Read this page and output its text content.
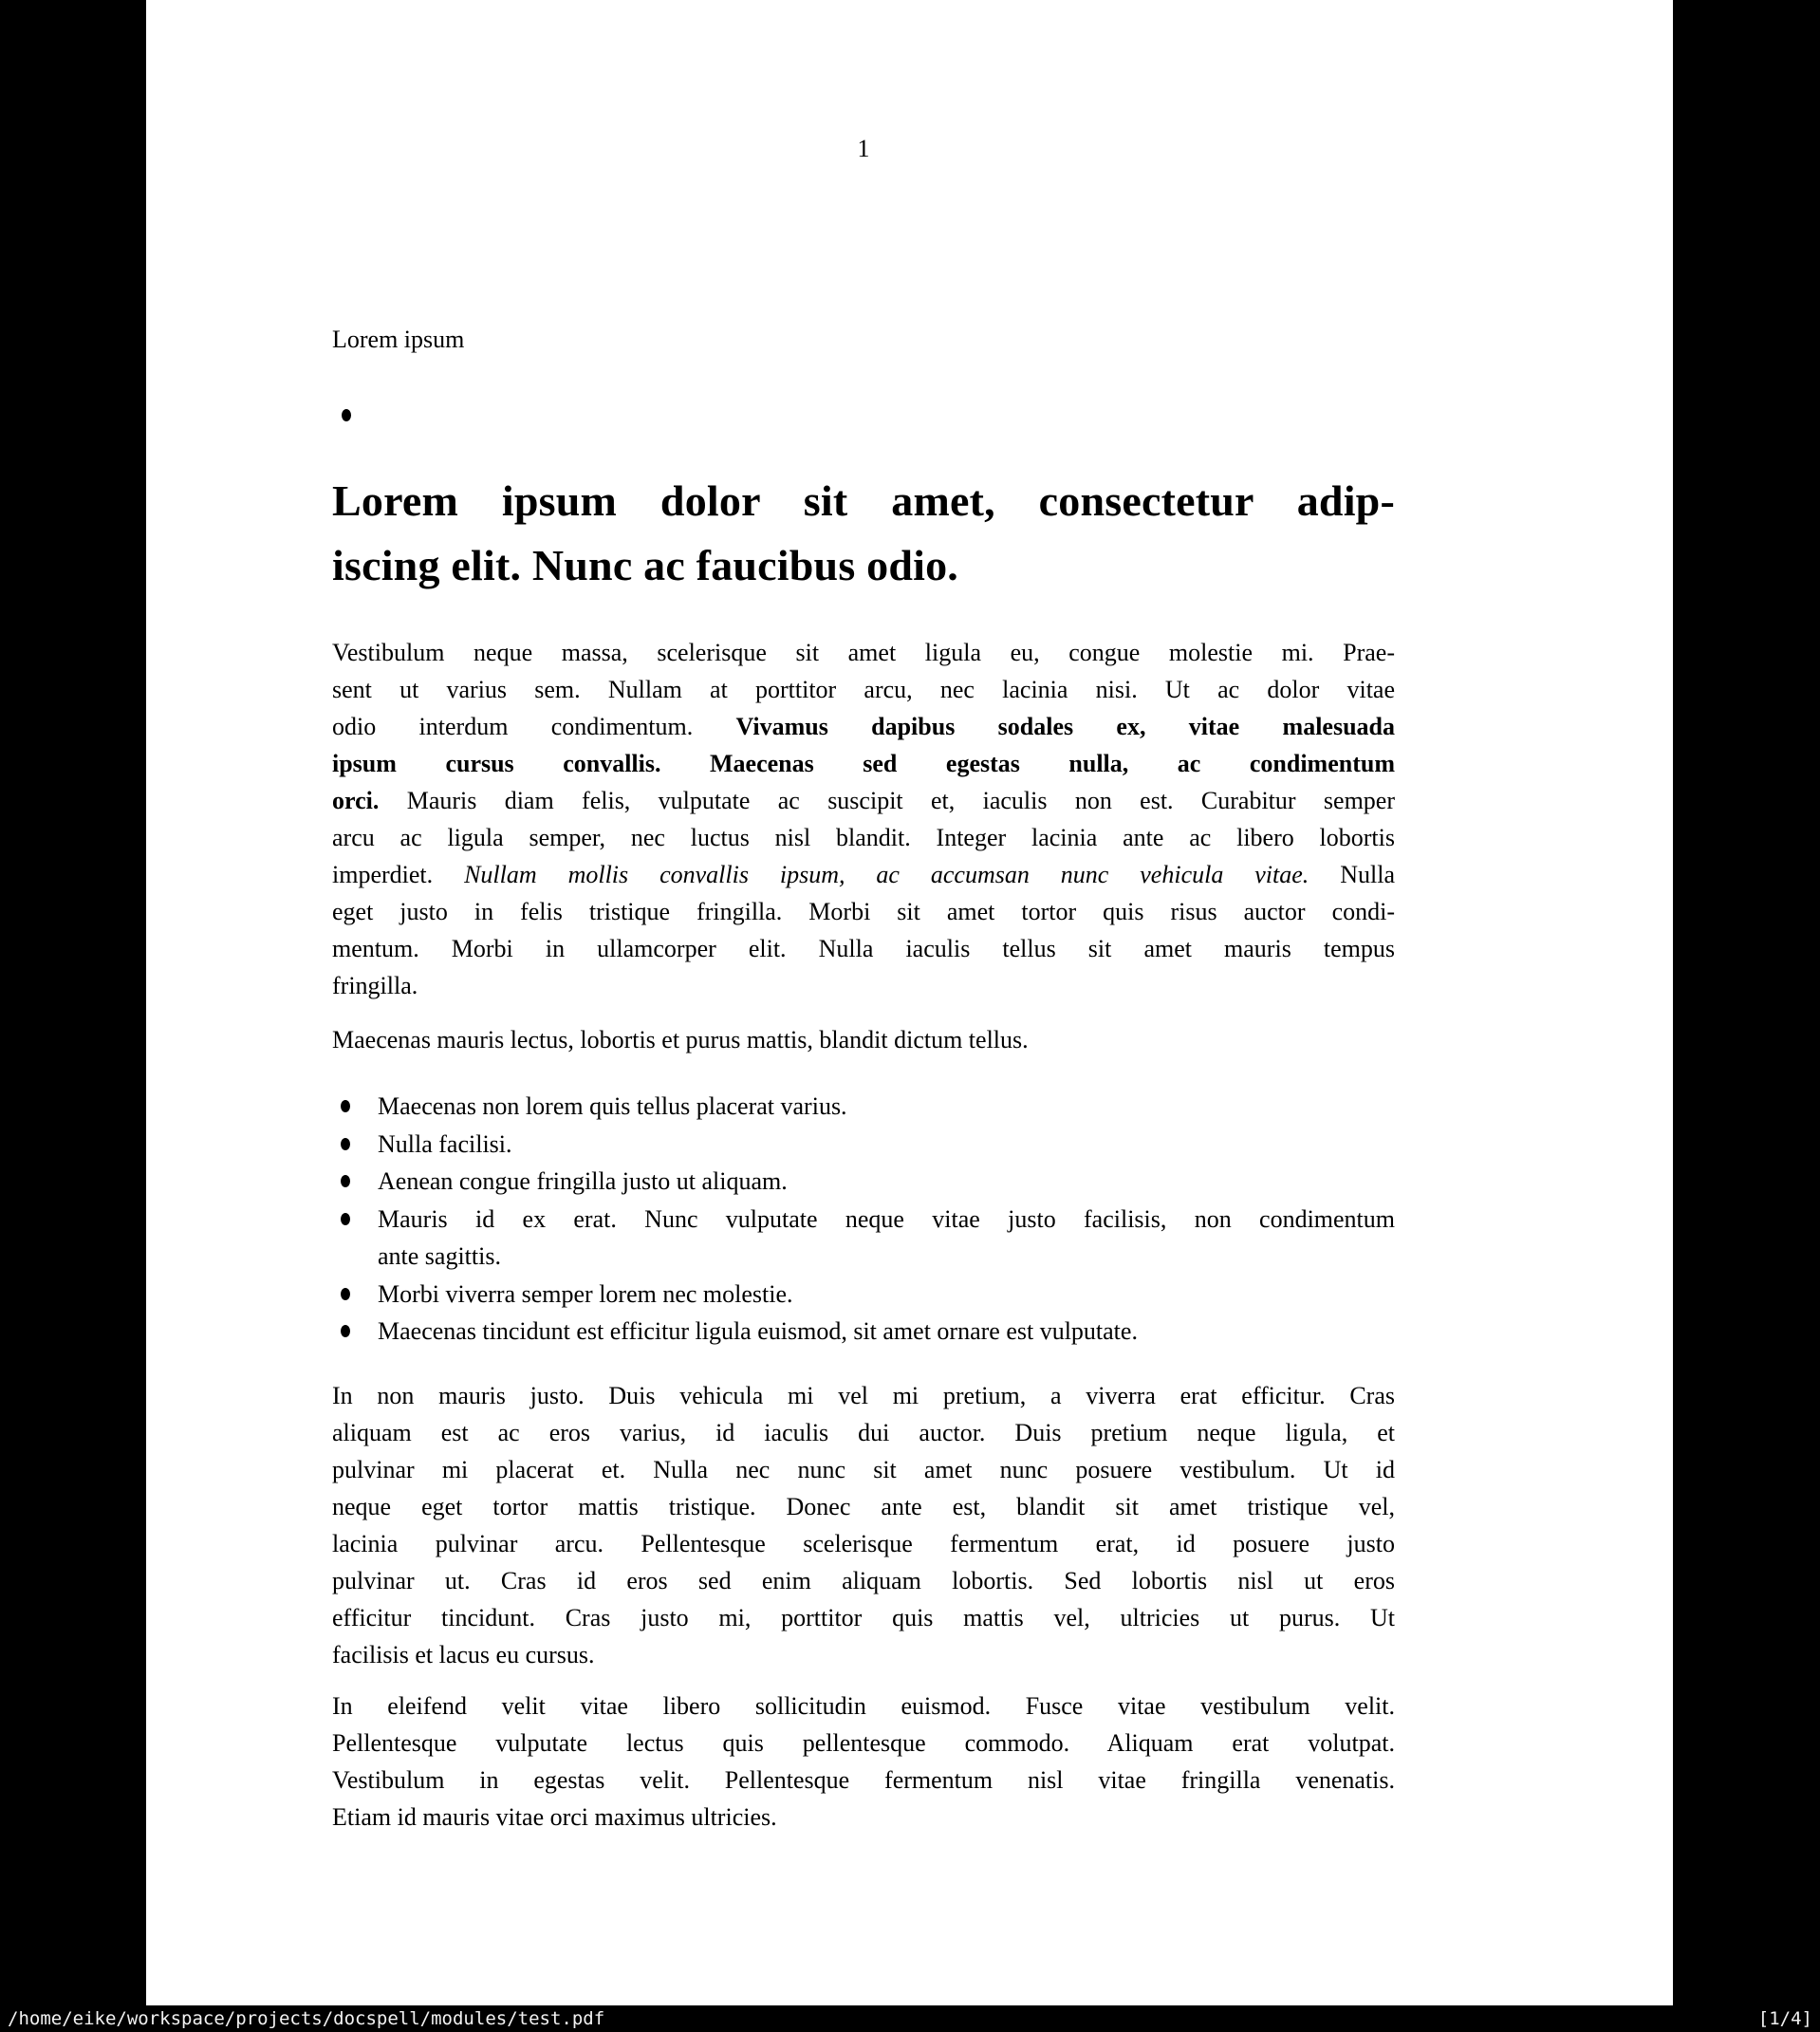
1
Lorem ipsum
Lorem ipsum dolor sit amet, consectetur adip-
iscing elit. Nunc ac faucibus odio.
Vestibulum neque massa, scelerisque sit amet ligula eu, congue molestie mi. Prae-
sent ut varius sem. Nullam at porttitor arcu, nec lacinia nisi. Ut ac dolor vitae
odio interdum condimentum. Vivamus dapibus sodales ex, vitae malesuada
ipsum cursus convallis. Maecenas sed egestas nulla, ac condimentum
orci. Mauris diam felis, vulputate ac suscipit et, iaculis non est. Curabitur semper
arcu ac ligula semper, nec luctus nisl blandit. Integer lacinia ante ac libero lobortis
imperdiet. Nullam mollis convallis ipsum, ac accumsan nunc vehicula vitae. Nulla
eget justo in felis tristique fringilla. Morbi sit amet tortor quis risus auctor condi-
mentum. Morbi in ullamcorper elit. Nulla iaculis tellus sit amet mauris tempus
fringilla.
Maecenas mauris lectus, lobortis et purus mattis, blandit dictum tellus.
Maecenas non lorem quis tellus placerat varius.
Nulla facilisi.
Aenean congue fringilla justo ut aliquam.
Mauris id ex erat. Nunc vulputate neque vitae justo facilisis, non condimentum
ante sagittis.
Morbi viverra semper lorem nec molestie.
Maecenas tincidunt est efficitur ligula euismod, sit amet ornare est vulputate.
In non mauris justo. Duis vehicula mi vel mi pretium, a viverra erat efficitur. Cras
aliquam est ac eros varius, id iaculis dui auctor. Duis pretium neque ligula, et
pulvinar mi placerat et. Nulla nec nunc sit amet nunc posuere vestibulum. Ut id
neque eget tortor mattis tristique. Donec ante est, blandit sit amet tristique vel,
lacinia pulvinar arcu. Pellentesque scelerisque fermentum erat, id posuere justo
pulvinar ut. Cras id eros sed enim aliquam lobortis. Sed lobortis nisl ut eros
efficitur tincidunt. Cras justo mi, porttitor quis mattis vel, ultricies ut purus. Ut
facilisis et lacus eu cursus.
In eleifend velit vitae libero sollicitudin euismod. Fusce vitae vestibulum velit.
Pellentesque vulputate lectus quis pellentesque commodo. Aliquam erat volutpat.
Vestibulum in egestas velit. Pellentesque fermentum nisl vitae fringilla venenatis.
Etiam id mauris vitae orci maximus ultricies.
/home/eike/workspace/projects/docspell/modules/test.pdf	[1/4]
